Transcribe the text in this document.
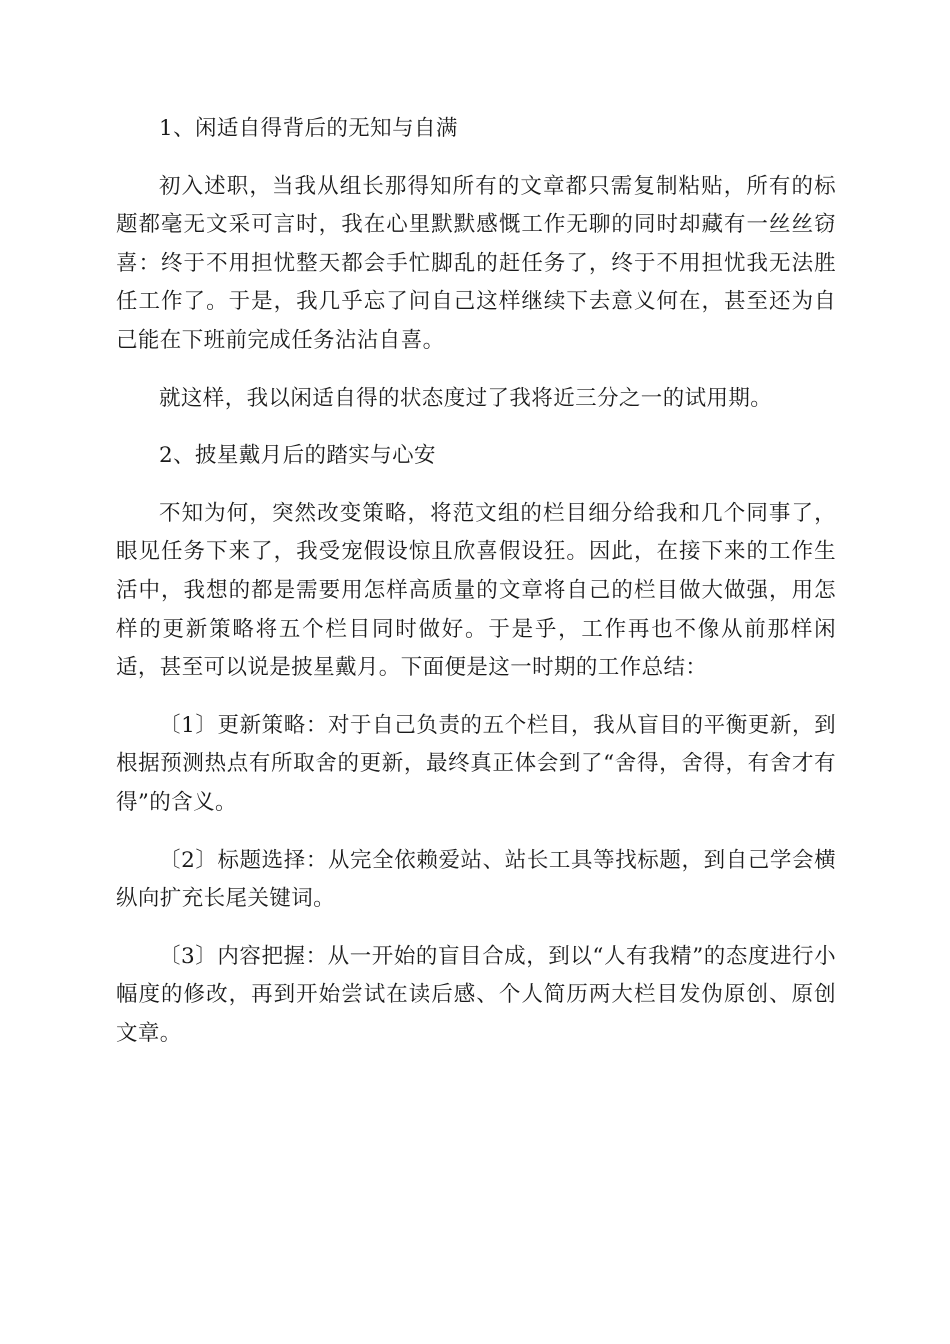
1、闲适自得背后的无知与自满

初入述职，当我从组长那得知所有的文章都只需复制粘贴，所有的标题都毫无文采可言时，我在心里默默感慨工作无聊的同时却藏有一丝丝窃喜：终于不用担忧整天都会手忙脚乱的赶任务了，终于不用担忧我无法胜任工作了。于是，我几乎忘了问自己这样继续下去意义何在，甚至还为自己能在下班前完成任务沾沾自喜。

就这样，我以闲适自得的状态度过了我将近三分之一的试用期。

2、披星戴月后的踏实与心安

不知为何，突然改变策略，将范文组的栏目细分给我和几个同事了，眼见任务下来了，我受宠假设惊且欣喜假设狂。因此，在接下来的工作生活中，我想的都是需要用怎样高质量的文章将自己的栏目做大做强，用怎样的更新策略将五个栏目同时做好。于是乎，工作再也不像从前那样闲适，甚至可以说是披星戴月。下面便是这一时期的工作总结：

〔1〕更新策略：对于自己负责的五个栏目，我从盲目的平衡更新，到根据预测热点有所取舍的更新，最终真正体会到了“舍得，舍得，有舍才有得”的含义。

〔2〕标题选择：从完全依赖爱站、站长工具等找标题，到自己学会横纵向扩充长尾关键词。

〔3〕内容把握：从一开始的盲目合成，到以“人有我精”的态度进行小幅度的修改，再到开始尝试在读后感、个人简历两大栏目发伪原创、原创文章。
